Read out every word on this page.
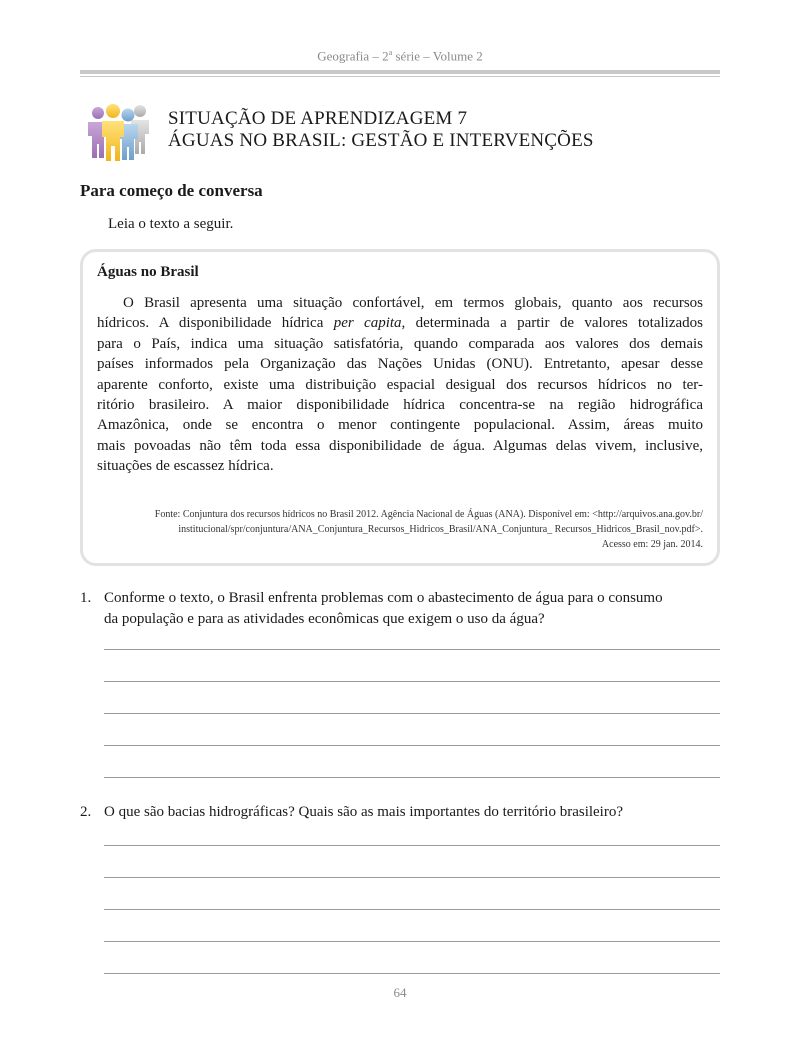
Geografia – 2$^a$ série – Volume 2
SITUAÇÃO DE APRENDIZAGEM 7
ÁGUAS NO BRASIL: GESTÃO E INTERVENÇÕES
Para começo de conversa
Leia o texto a seguir.
Águas no Brasil
O Brasil apresenta uma situação confortável, em termos globais, quanto aos recursos
hídricos. A disponibilidade hídrica per capita, determinada a partir de valores totalizados
para o País, indica uma situação satisfatória, quando comparada aos valores dos demais
países informados pela Organização das Nações Unidas (ONU). Entretanto, apesar desse
aparente conforto, existe uma distribuição espacial desigual dos recursos hídricos no ter-
ritório brasileiro. A maior disponibilidade hídrica concentra-se na região hidrográfica
Amazônica, onde se encontra o menor contingente populacional. Assim, áreas muito
mais povoadas não têm toda essa disponibilidade de água. Algumas delas vivem, inclusive,
situações de escassez hídrica.
Fonte: Conjuntura dos recursos hídricos no Brasil 2012. Agência Nacional de Águas (ANA). Disponível em: <http://arquivos.ana.gov.br/
institucional/spr/conjuntura/ANA_Conjuntura_Recursos_Hidricos_Brasil/ANA_Conjuntura_ Recursos_Hidricos_Brasil_nov.pdf>.
Acesso em: 29 jan. 2014.
1. Conforme o texto, o Brasil enfrenta problemas com o abastecimento de água para o consumo
da população e para as atividades econômicas que exigem o uso da água?
2. O que são bacias hidrográficas? Quais são as mais importantes do território brasileiro?
64
